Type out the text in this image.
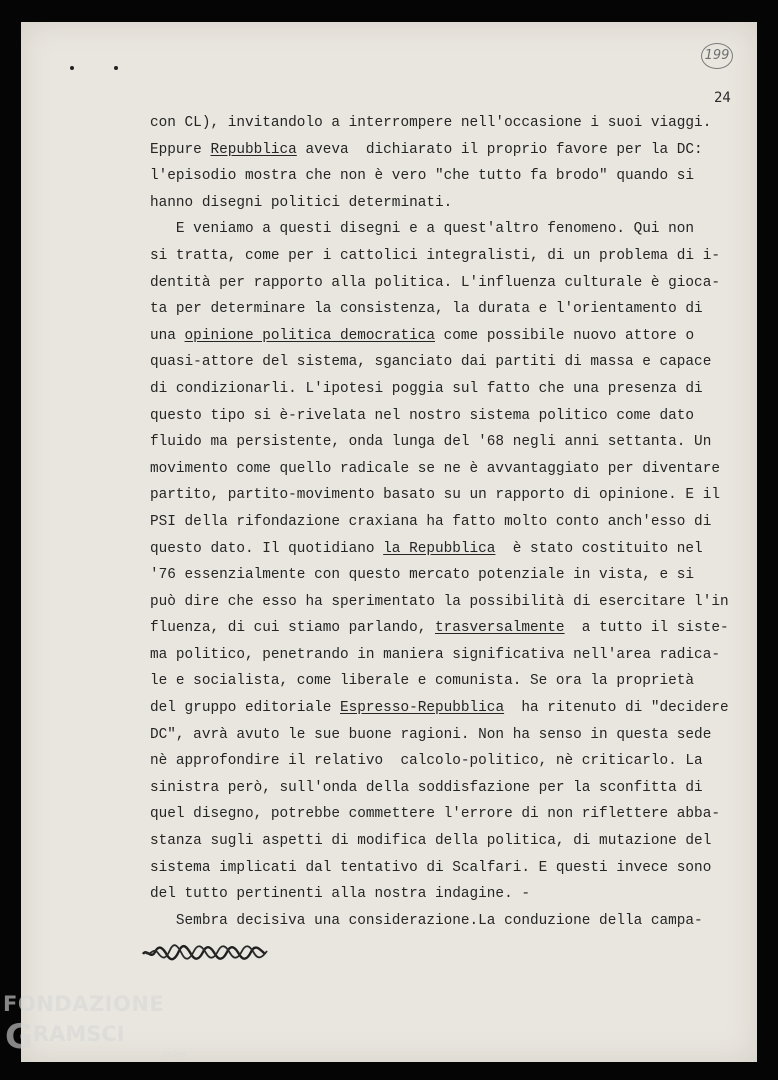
199
24
con CL), invitandolo a interrompere nell'occasione i suoi viaggi.
Eppure Repubblica aveva  dichiarato il proprio favore per la DC:
l'episodio mostra che non è vero "che tutto fa brodo" quando si
hanno disegni politici determinati.
E veniamo a questi disegni e a quest'altro fenomeno. Qui non
si tratta, come per i cattolici integralisti, di un problema di i-
dentità per rapporto alla politica. L'influenza culturale è gioca-
ta per determinare la consistenza, la durata e l'orientamento di
una opinione politica democratica come possibile nuovo attore o
quasi-attore del sistema, sganciato dai partiti di massa e capace
di condizionarli. L'ipotesi poggia sul fatto che una presenza di
questo tipo si è-rivelata nel nostro sistema politico come dato
fluido ma persistente, onda lunga del '68 negli anni settanta. Un
movimento come quello radicale se ne è avvantaggiato per diventare
partito, partito-movimento basato su un rapporto di opinione. E il
PSI della rifondazione craxiana ha fatto molto conto anch'esso di
questo dato. Il quotidiano la Repubblica  è stato costituito nel
'76 essenzialmente con questo mercato potenziale in vista, e si
può dire che esso ha sperimentato la possibilità di esercitare l'in
fluenza, di cui stiamo parlando, trasversalmente  a tutto il siste-
ma politico, penetrando in maniera significativa nell'area radica-
le e socialista, come liberale e comunista. Se ora la proprietà
del gruppo editoriale Espresso-Repubblica  ha ritenuto di "decidere
DC", avrà avuto le sue buone ragioni. Non ha senso in questa sede
nè approfondire il relativo  calcolo-politico, nè criticarlo. La
sinistra però, sull'onda della soddisfazione per la sconfitta di
quel disegno, potrebbe commettere l'errore di non riflettere abba-
stanza sugli aspetti di modifica della politica, di mutazione del
sistema implicati dal tentativo di Scalfari. E questi invece sono
del tutto pertinenti alla nostra indagine. -
Sembra decisiva una considerazione.La conduzione della campa-
FONDAZIONE
GRAMSCI
onlus
